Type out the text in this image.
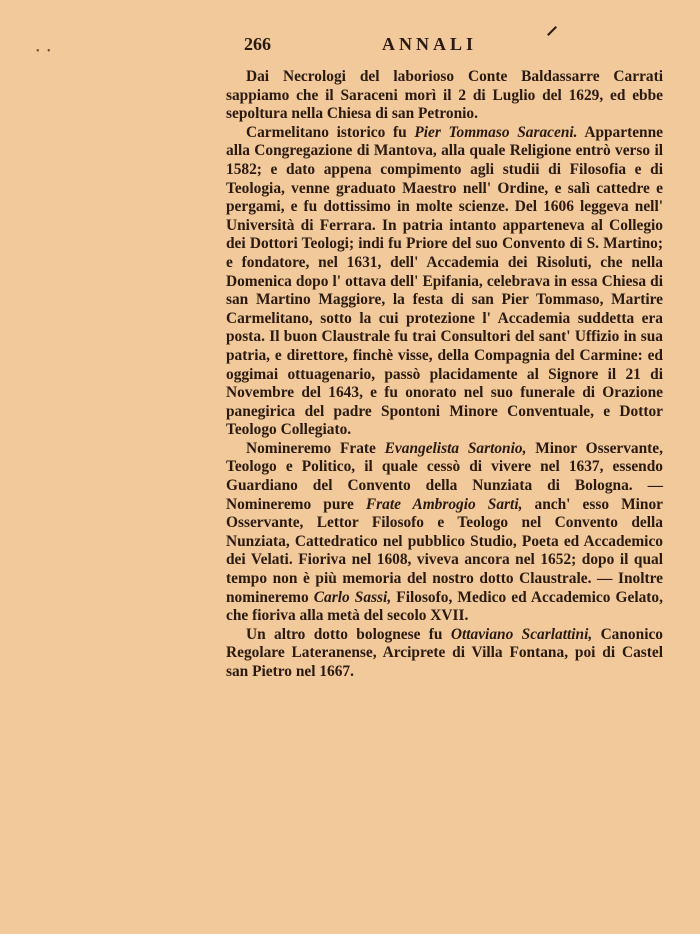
•   •	266	ANNALI

Dai Necrologi del laborioso Conte Baldassarre Carrati sappiamo che il Saraceni morì il 2 di Luglio del 1629, ed ebbe sepoltura nella Chiesa di san Petronio.

Carmelitano istorico fu Pier Tommaso Saraceni. Appartenne alla Congregazione di Mantova, alla quale Religione entrò verso il 1582; e dato appena compimento agli studii di Filosofia e di Teologia, venne graduato Maestro nell' Ordine, e salì cattedre e pergami, e fu dottissimo in molte scienze. Del 1606 leggeva nell' Università di Ferrara. In patria intanto apparteneva al Collegio dei Dottori Teologi; indi fu Priore del suo Convento di S. Martino; e fondatore, nel 1631, dell' Accademia dei Risoluti, che nella Domenica dopo l' ottava dell' Epifania, celebrava in essa Chiesa di san Martino Maggiore, la festa di san Pier Tommaso, Martire Carmelitano, sotto la cui protezione l' Accademia suddetta era posta. Il buon Claustrale fu trai Consultori del sant' Uffizio in sua patria, e direttore, finchè visse, della Compagnia del Carmine: ed oggimai ottuagenario, passò placidamente al Signore il 21 di Novembre del 1643, e fu onorato nel suo funerale di Orazione panegirica del padre Spontoni Minore Conventuale, e Dottor Teologo Collegiato.

Nomineremo Frate Evangelista Sartonio, Minor Osservante, Teologo e Politico, il quale cessò di vivere nel 1637, essendo Guardiano del Convento della Nunziata di Bologna. — Nomineremo pure Frate Ambrogio Sarti, anch' esso Minor Osservante, Lettor Filosofo e Teologo nel Convento della Nunziata, Cattedratico nel pubblico Studio, Poeta ed Accademico dei Velati. Fioriva nel 1608, viveva ancora nel 1652; dopo il qual tempo non è più memoria del nostro dotto Claustrale. — Inoltre nomineremo Carlo Sassi, Filosofo, Medico ed Accademico Gelato, che fioriva alla metà del secolo XVII.

Un altro dotto bolognese fu Ottaviano Scarlattini, Canonico Regolare Lateranense, Arciprete di Villa Fontana, poi di Castel san Pietro nel 1667.
